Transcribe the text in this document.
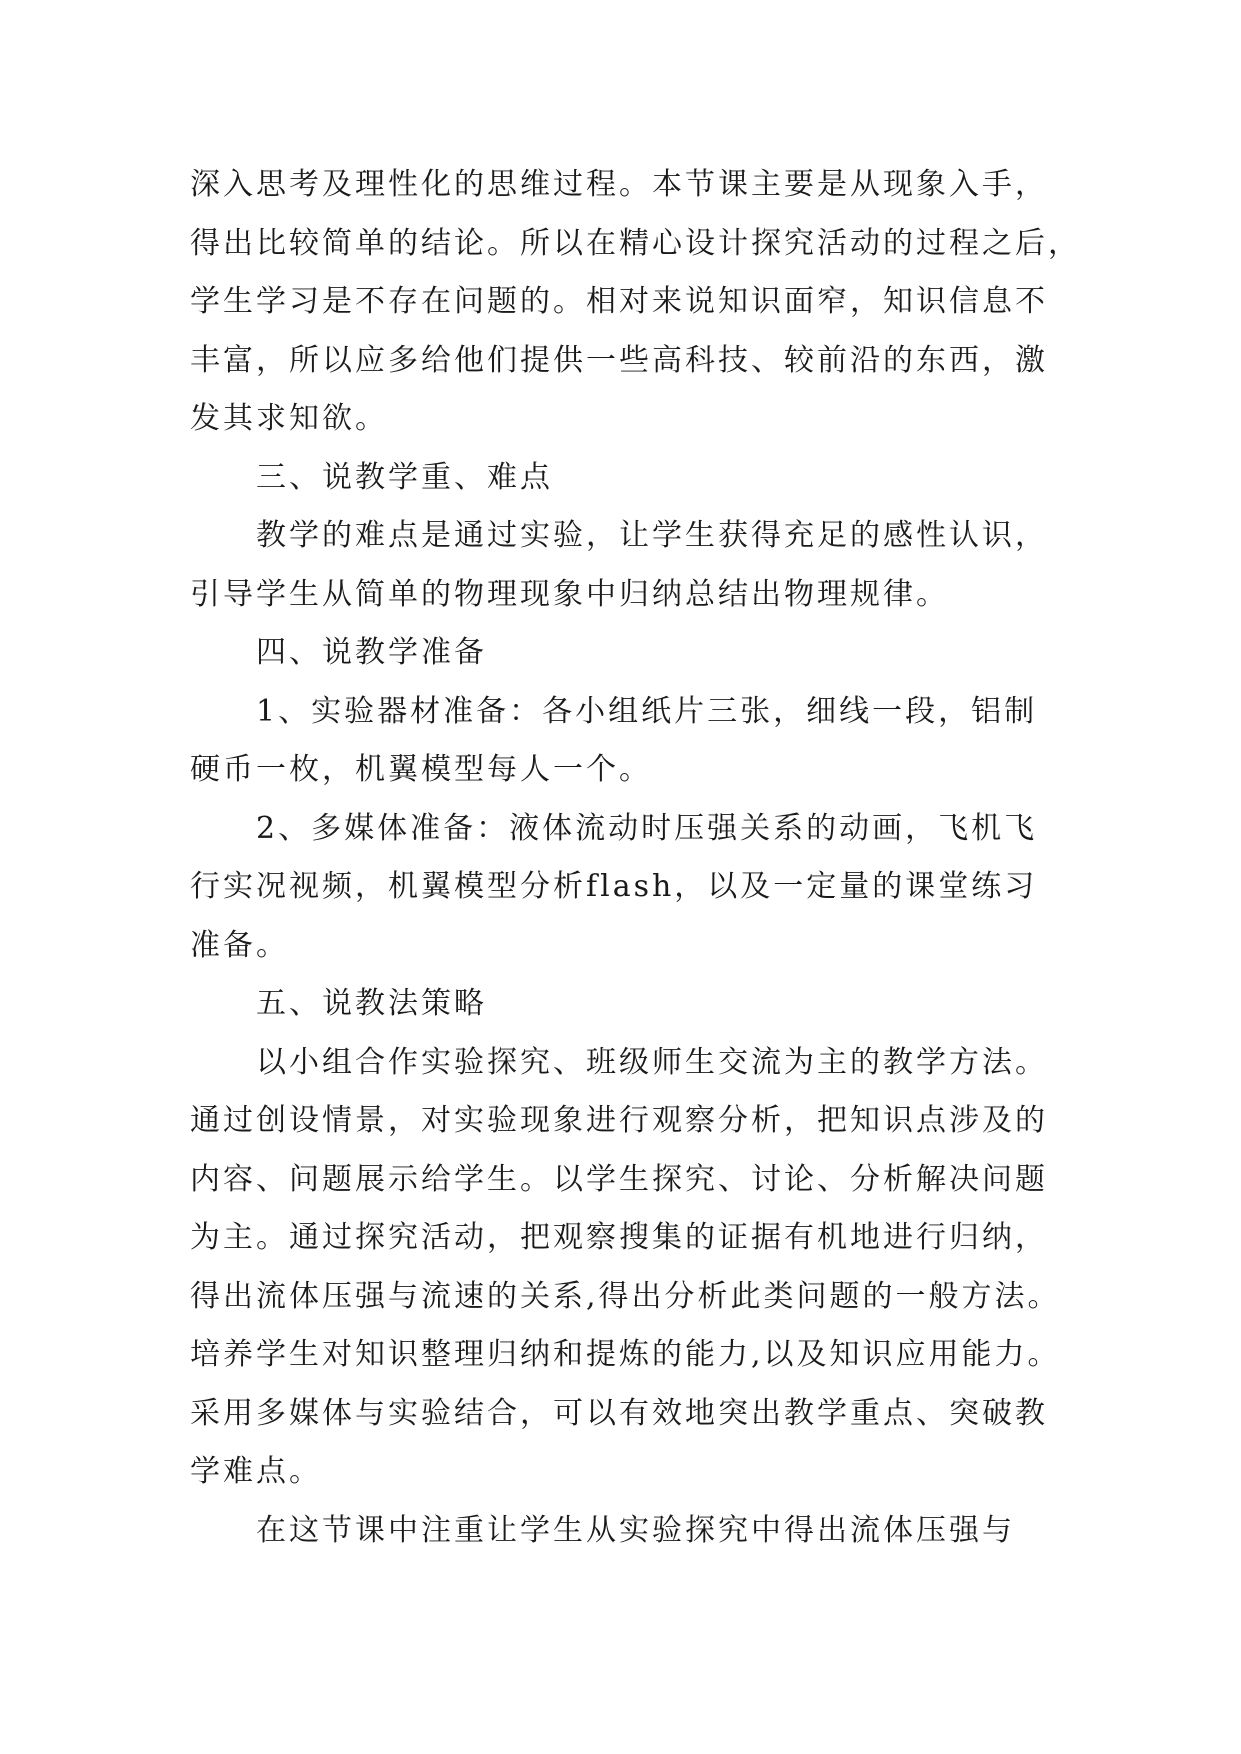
深入思考及理性化的思维过程。本节课主要是从现象入手，
得出比较简单的结论。所以在精心设计探究活动的过程之后，
学生学习是不存在问题的。相对来说知识面窄，知识信息不
丰富，所以应多给他们提供一些高科技、较前沿的东西，激
发其求知欲。
三、说教学重、难点
教学的难点是通过实验，让学生获得充足的感性认识，
引导学生从简单的物理现象中归纳总结出物理规律。
四、说教学准备
1、实验器材准备：各小组纸片三张，细线一段，铝制
硬币一枚，机翼模型每人一个。
2、多媒体准备：液体流动时压强关系的动画，飞机飞
行实况视频，机翼模型分析flash，以及一定量的课堂练习
准备。
五、说教法策略
以小组合作实验探究、班级师生交流为主的教学方法。
通过创设情景，对实验现象进行观察分析，把知识点涉及的
内容、问题展示给学生。以学生探究、讨论、分析解决问题
为主。通过探究活动，把观察搜集的证据有机地进行归纳，
得出流体压强与流速的关系,得出分析此类问题的一般方法。
培养学生对知识整理归纳和提炼的能力,以及知识应用能力。
采用多媒体与实验结合，可以有效地突出教学重点、突破教
学难点。
在这节课中注重让学生从实验探究中得出流体压强与
